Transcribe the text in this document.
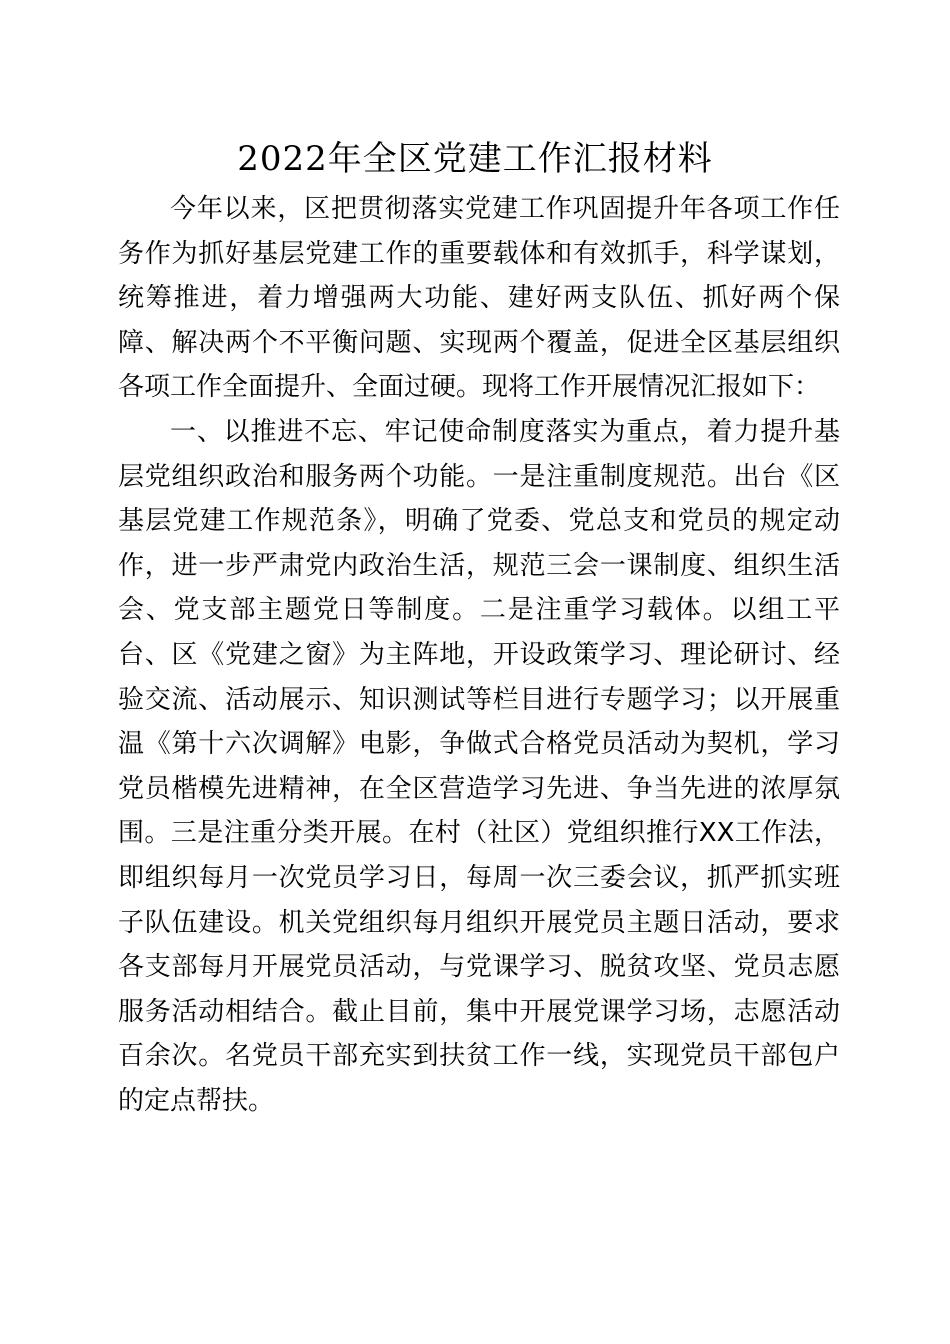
2022年全区党建工作汇报材料

今年以来，区把贯彻落实党建工作巩固提升年各项工作任务作为抓好基层党建工作的重要载体和有效抓手，科学谋划，统筹推进，着力增强两大功能、建好两支队伍、抓好两个保障、解决两个不平衡问题、实现两个覆盖，促进全区基层组织各项工作全面提升、全面过硬。现将工作开展情况汇报如下：

一、以推进不忘、牢记使命制度落实为重点，着力提升基层党组织政治和服务两个功能。一是注重制度规范。出台《区基层党建工作规范条》，明确了党委、党总支和党员的规定动作，进一步严肃党内政治生活，规范三会一课制度、组织生活会、党支部主题党日等制度。二是注重学习载体。以组工平台、区《党建之窗》为主阵地，开设政策学习、理论研讨、经验交流、活动展示、知识测试等栏目进行专题学习；以开展重温《第十六次调解》电影，争做式合格党员活动为契机，学习党员楷模先进精神，在全区营造学习先进、争当先进的浓厚氛围。三是注重分类开展。在村（社区）党组织推行XX工作法，即组织每月一次党员学习日，每周一次三委会议，抓严抓实班子队伍建设。机关党组织每月组织开展党员主题日活动，要求各支部每月开展党员活动，与党课学习、脱贫攻坚、党员志愿服务活动相结合。截止目前，集中开展党课学习场，志愿活动百余次。名党员干部充实到扶贫工作一线，实现党员干部包户的定点帮扶。
